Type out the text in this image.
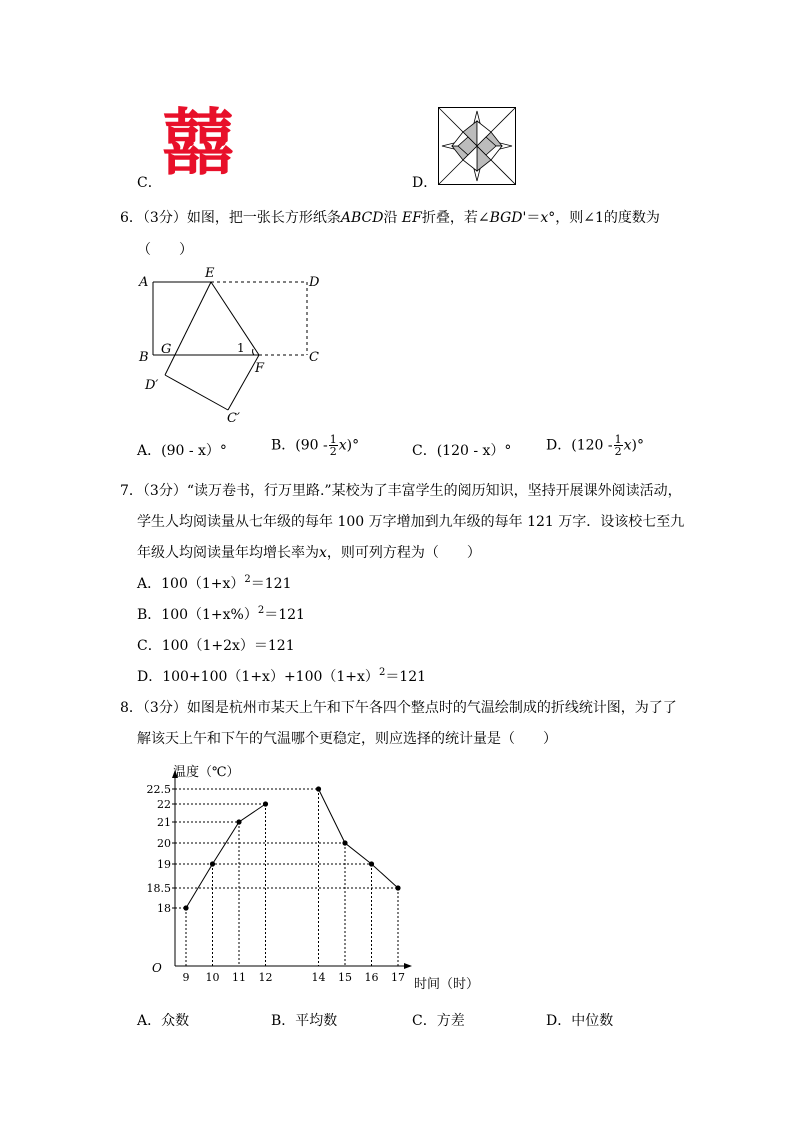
C． 囍	D．
6．（3分）如图，把一张长方形纸条ABCD沿 EF折叠，若∠BGD'＝x°，则∠1的度数为
（　　）
A
E
D
B
G
C
F
D′
C′
1
A．(90 - x）°	B．$(90 - \frac{1}{2} x)^\circ$	C．(120 - x）° D．$(120 - \frac{1}{2} x)^\circ$
7．（3分）“读万卷书，行万里路.”某校为了丰富学生的阅历知识，坚持开展课外阅读活动，
学生人均阅读量从七年级的每年 100 万字增加到九年级的每年 121 万字．设该校七至九
年级人均阅读量年均增长率为x，则可列方程为（　　）
A．$100(1+x)^2=121$
B．$100(1+x\%)^2=121$
C．100（1+2x）＝121
D．$100+100(1+x)+100(1+x)^2=121$
8．（3分）如图是杭州市某天上午和下午各四个整点时的气温绘制成的折线统计图，为了了
解该天上午和下午的气温哪个更稳定，则应选择的统计量是（　　）
温度（℃）
时间（时）
O
9 10 11 12	14 15 16 17
18
18.5
19
20
21
22
22.5
A．众数	B．平均数	C．方差	D．中位数
